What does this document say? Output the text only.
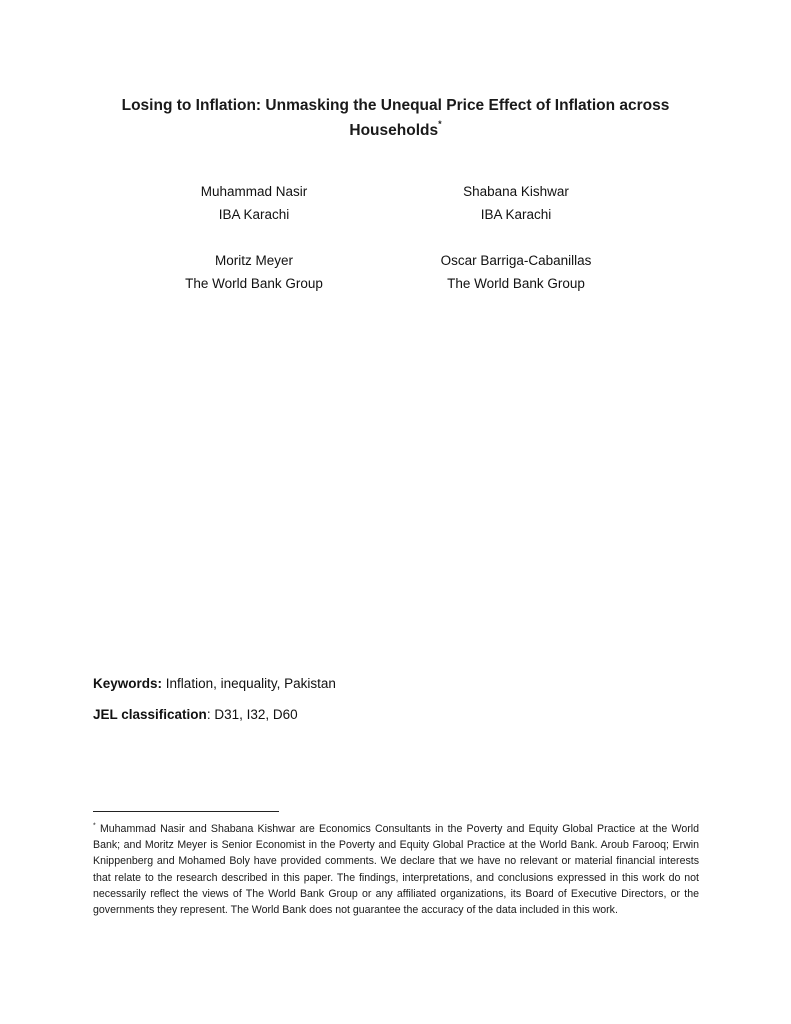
Losing to Inflation: Unmasking the Unequal Price Effect of Inflation across Households*
Muhammad Nasir
IBA Karachi
Shabana Kishwar
IBA Karachi
Moritz Meyer
The World Bank Group
Oscar Barriga-Cabanillas
The World Bank Group
Keywords: Inflation, inequality, Pakistan
JEL classification: D31, I32, D60
* Muhammad Nasir and Shabana Kishwar are Economics Consultants in the Poverty and Equity Global Practice at the World Bank; and Moritz Meyer is Senior Economist in the Poverty and Equity Global Practice at the World Bank. Aroub Farooq; Erwin Knippenberg and Mohamed Boly have provided comments. We declare that we have no relevant or material financial interests that relate to the research described in this paper. The findings, interpretations, and conclusions expressed in this work do not necessarily reflect the views of The World Bank Group or any affiliated organizations, its Board of Executive Directors, or the governments they represent. The World Bank does not guarantee the accuracy of the data included in this work.
